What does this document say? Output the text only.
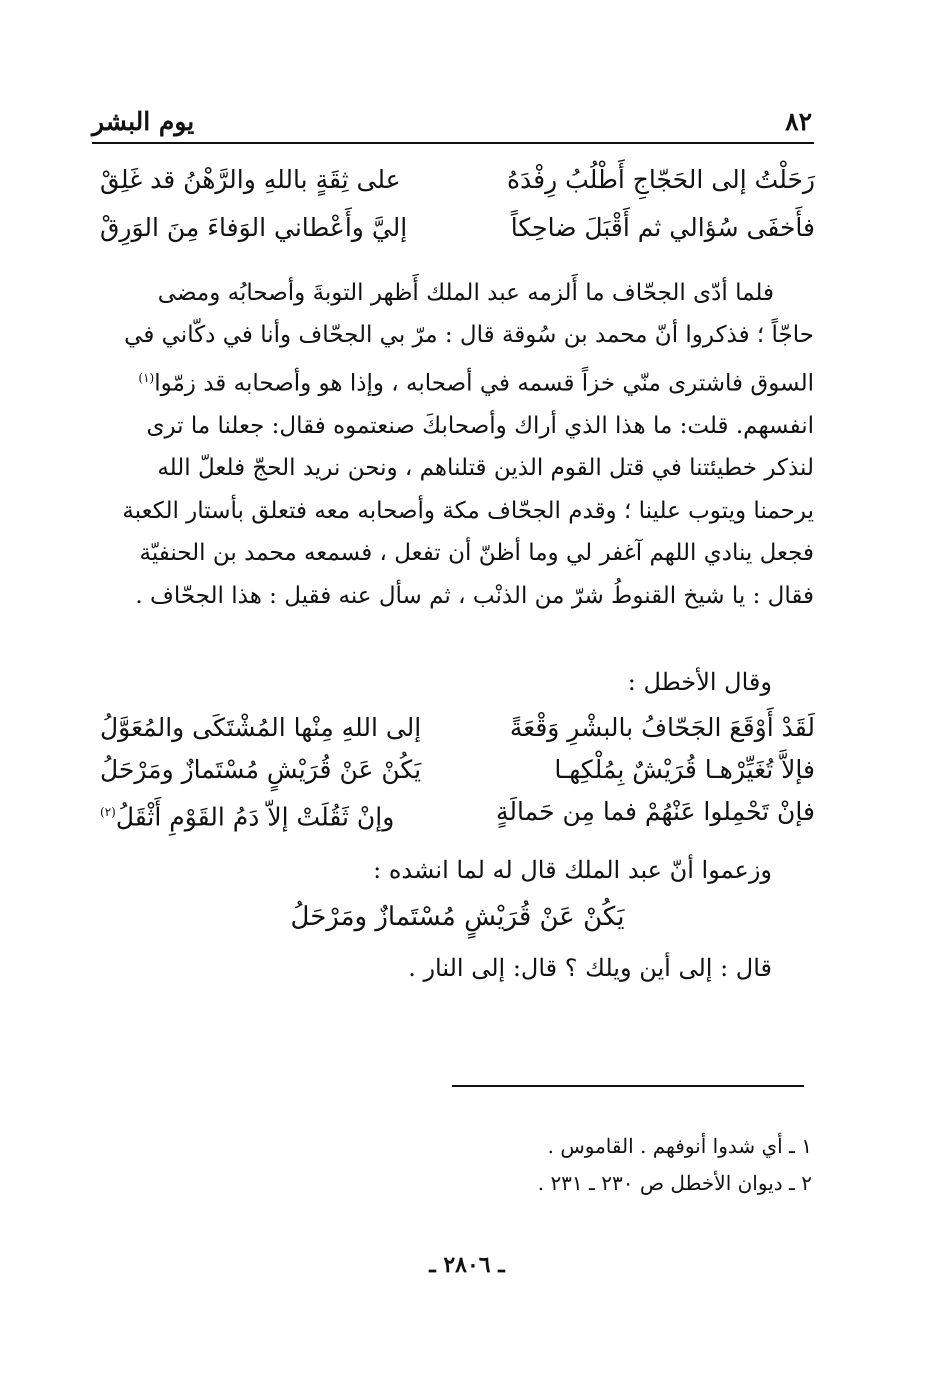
٨٢
يوم البشر
رَحَلْتُ إلى الحَجّاجِ أَطْلُبُ رِفْدَهُ
على ثِقَةٍ باللهِ والرَّهْنُ قد غَلِقْ
فأَخفَى سُؤالي ثم أَقْبَلَ ضاحِكاً
إليَّ وأَعْطاني الوَفاءَ مِنَ الوَرِقْ
فلما أدّى الجحّاف ما أَلزمه عبد الملك أَظهر التوبةَ وأصحابُه ومضى
حاجّاً ؛ فذكروا أنّ محمد بن سُوقة قال : مرّ بي الجحّاف وأنا في دكّاني في
السوق فاشترى منّي خزاً قسمه في أصحابه ، وإذا هو وأصحابه قد زمّوا$^{(١)}$
انفسهم. قلت: ما هذا الذي أراك وأصحابكَ صنعتموه فقال: جعلنا ما ترى
لنذكر خطيئتنا في قتل القوم الذين قتلناهم ، ونحن نريد الحجّ فلعلّ الله
يرحمنا ويتوب علينا ؛ وقدم الجحّاف مكة وأصحابه معه فتعلق بأستار الكعبة
فجعل ينادي اللهم آغفر لي وما أظنّ أن تفعل ، فسمعه محمد بن الحنفيّة
فقال : يا شيخ القنوطُ شرّ من الذنْب ، ثم سأل عنه فقيل : هذا الجحّاف .
وقال الأخطل :
لَقَدْ أَوْقَعَ الجَحّافُ بالبشْرِ وَقْعَةً
إلى اللهِ مِنْها المُشْتَكَى والمُعَوَّلُ
فإلاَّ تُغَيِّرْهـا قُرَيْشٌ بِمُلْكِهـا
يَكُنْ عَنْ قُرَيْشٍ مُسْتَمازٌ ومَرْحَلُ
فإنْ تَحْمِلوا عَنْهُمْ فما مِن حَمالَةٍ
وإنْ ثَقُلَتْ إلاّ دَمُ القَوْمِ أَثْقَلُ$^{(٢)}$
وزعموا أنّ عبد الملك قال له لما انشده :
يَكُنْ عَنْ قُرَيْشٍ مُسْتَمازٌ ومَرْحَلُ
قال : إلى أين ويلك ؟ قال: إلى النار .
١ ـ أي شدوا أنوفهم . القاموس .
٢ ـ ديوان الأخطل ص ٢٣٠ ـ ٢٣١ .
ـ ٢٨٠٦ ـ
